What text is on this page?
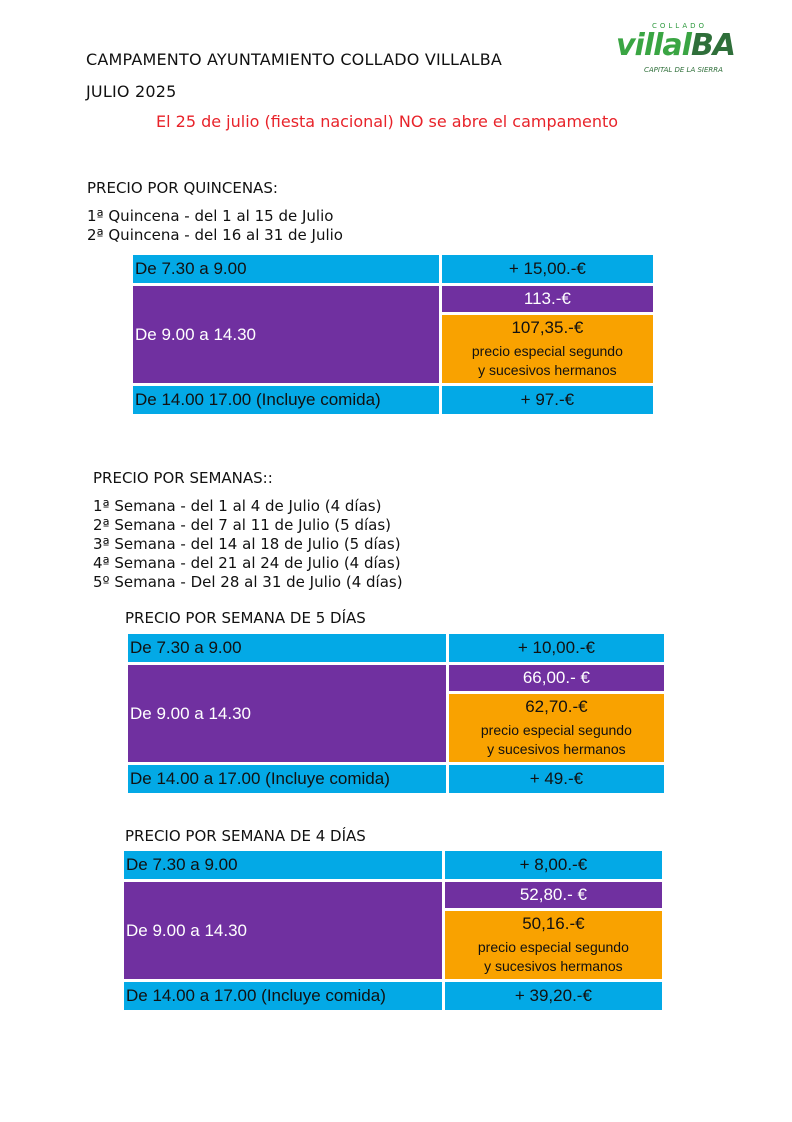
CAMPAMENTO AYUNTAMIENTO COLLADO VILLALBA
JULIO 2025
El 25 de julio (fiesta nacional) NO se abre el campamento
COLLADO
villalBA
CAPITAL DE LA SIERRA
PRECIO POR QUINCENAS:
1ª Quincena - del 1 al 15 de Julio
2ª Quincena - del 16 al 31 de Julio
De 7.30 a 9.00	+ 15,00.-€
De 9.00 a 14.30	113.-€
	107,35.-€
precio especial segundo
y sucesivos hermanos

De 14.00 17.00 (Incluye comida)	+ 97.-€
PRECIO POR SEMANAS::
1ª Semana - del 1 al 4 de Julio (4 días)
2ª Semana - del 7 al 11 de Julio (5 días)
3ª Semana - del 14 al 18 de Julio (5 días)
4ª Semana - del 21 al 24 de Julio (4 días)
5º Semana - Del 28 al 31 de Julio (4 días)
PRECIO POR SEMANA DE 5 DÍAS
De 7.30 a 9.00	+ 10,00.-€
De 9.00 a 14.30	66,00.- €
	62,70.-€
precio especial segundo
y sucesivos hermanos

De 14.00 a 17.00 (Incluye comida)	+ 49.-€
PRECIO POR SEMANA DE 4 DÍAS
De 7.30 a 9.00	+ 8,00.-€
De 9.00 a 14.30	52,80.- €
	50,16.-€
precio especial segundo
y sucesivos hermanos

De 14.00 a 17.00 (Incluye comida)	+ 39,20.-€
